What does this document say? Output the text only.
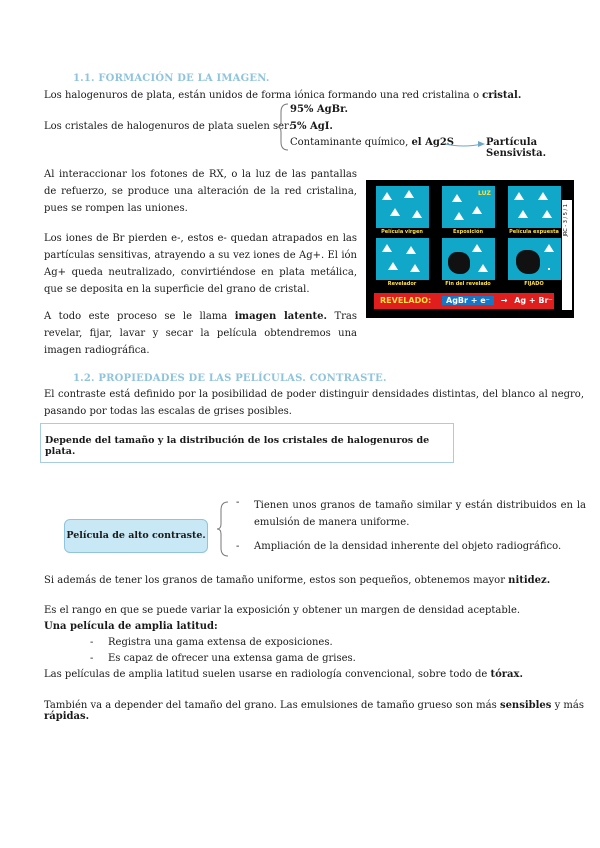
1.1. FORMACIÓN DE LA IMAGEN.
Los halogenuros de plata, están unidos de forma iónica formando una red cristalina o cristal.
Los cristales de halogenuros de plata suelen ser:
95% AgBr.
5% AgI.
Contaminante químico, el Ag2S	Partícula Sensivista.
Al interaccionar los fotones de RX, o la luz de las pantallas de refuerzo, se produce una alteración de la red cristalina, pues se rompen las uniones.
Los iones de Br pierden e-, estos e- quedan atrapados en las partículas sensitivas, atrayendo a su vez iones de Ag+. El ión Ag+ queda neutralizado, convirtiéndose en plata metálica, que se deposita en la superficie del grano de cristal.
A todo este proceso se le llama imagen latente. Tras revelar, fijar, lavar y secar la película obtendremos una imagen radiográfica.
LUZ
Película virgen	Exposición	Película expuesta
Revelador	Fin del revelado	FIJADO
REVELADO: AgBr + e⁻ → Ag + Br⁻
JRC - 3 / 5 / 1
1.2. PROPIEDADES DE LAS PELÍCULAS. CONTRASTE.
El contraste está definido por la posibilidad de poder distinguir densidades distintas, del blanco al negro, pasando por todas las escalas de grises posibles.
Depende del tamaño y la distribución de los cristales de halogenuros de plata.
Película de alto contraste.
- Tienen unos granos de tamaño similar y están distribuidos en la emulsión de manera uniforme.
- Ampliación de la densidad inherente del objeto radiográfico.
Si además de tener los granos de tamaño uniforme, estos son pequeños, obtenemos mayor nitidez.
Es el rango en que se puede variar la exposición y obtener un margen de densidad aceptable.
Una película de amplia latitud:
- Registra una gama extensa de exposiciones.
- Es capaz de ofrecer una extensa gama de grises.
Las películas de amplia latitud suelen usarse en radiología convencional, sobre todo de tórax.
También va a depender del tamaño del grano. Las emulsiones de tamaño grueso son más sensibles y más rápidas.
